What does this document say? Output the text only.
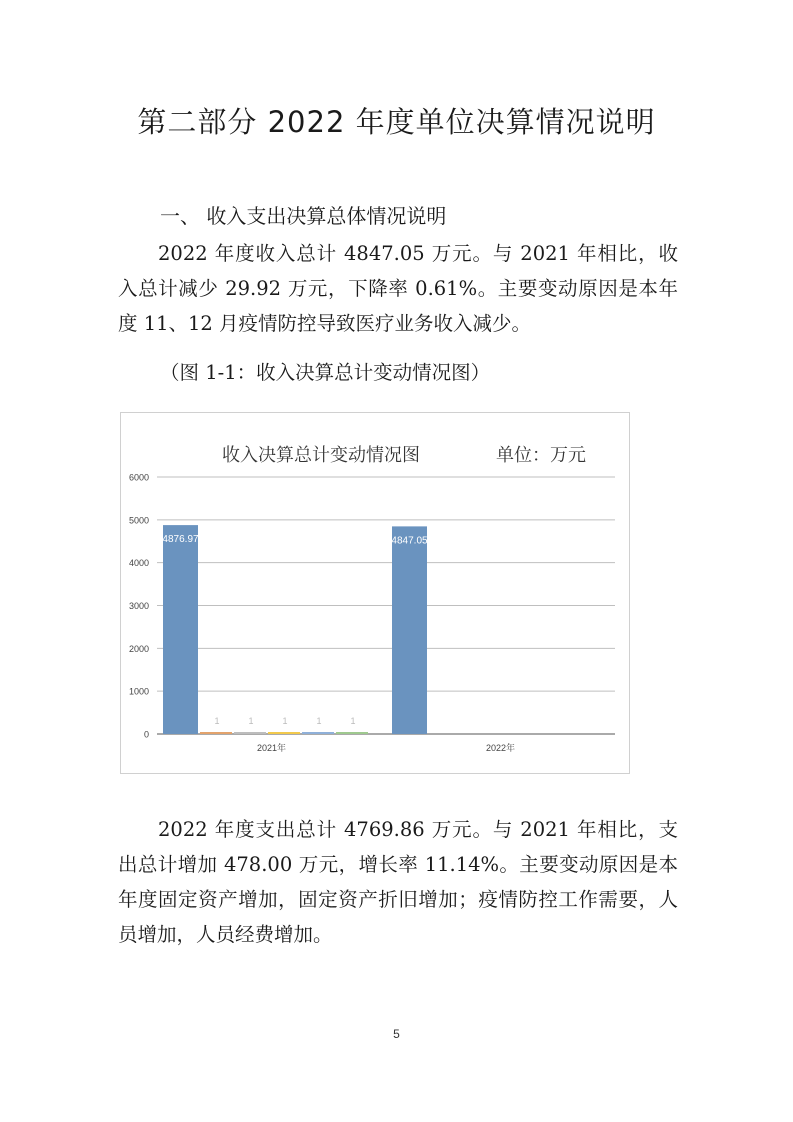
第二部分 2022 年度单位决算情况说明
一、 收入支出决算总体情况说明
2022 年度收入总计 4847.05 万元。与 2021 年相比，收入总计减少 29.92 万元，下降率 0.61%。主要变动原因是本年度 11、12 月疫情防控导致医疗业务收入减少。
（图 1-1：收入决算总计变动情况图）
收入决算总计变动情况图	单位：万元
0
1000
2000
3000
4000
5000
6000
2021年	2022年
4876.97	4847.05
1	1	1	1	1
2022 年度支出总计 4769.86 万元。与 2021 年相比，支出总计增加 478.00 万元，增长率 11.14%。主要变动原因是本年度固定资产增加，固定资产折旧增加；疫情防控工作需要，人员增加，人员经费增加。
5
